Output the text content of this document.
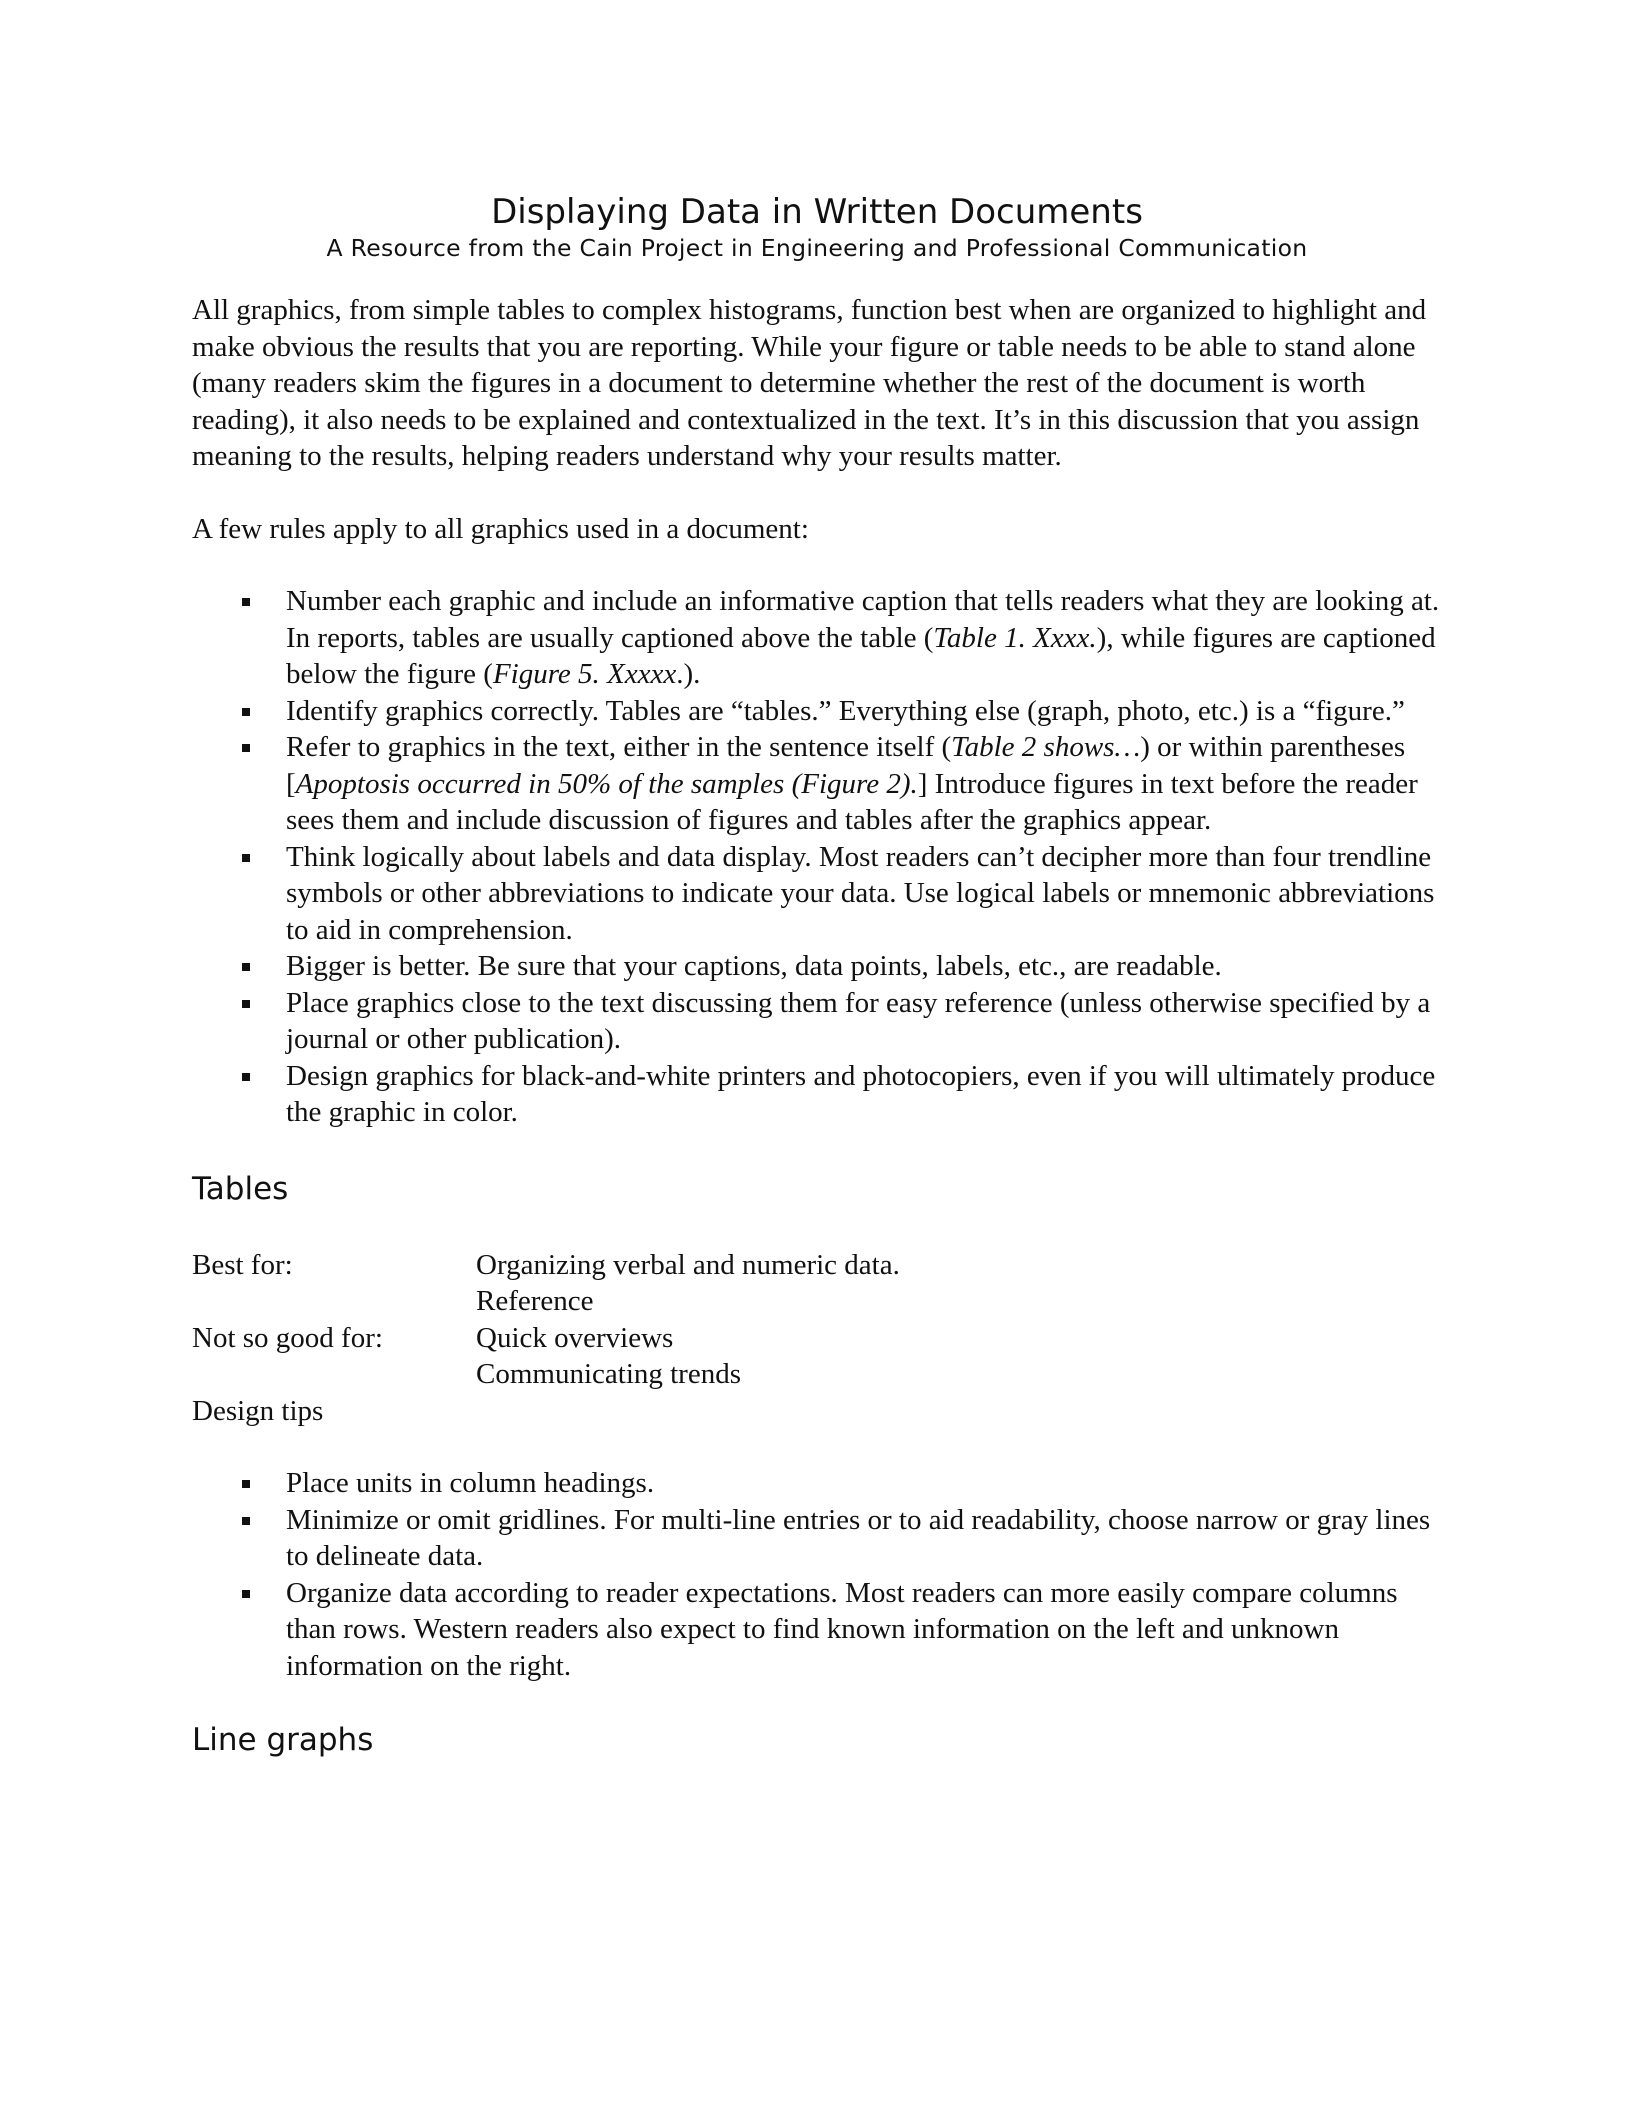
Displaying Data in Written Documents
A Resource from the Cain Project in Engineering and Professional Communication

All graphics, from simple tables to complex histograms, function best when are organized to highlight and make obvious the results that you are reporting. While your figure or table needs to be able to stand alone (many readers skim the figures in a document to determine whether the rest of the document is worth reading), it also needs to be explained and contextualized in the text. It’s in this discussion that you assign meaning to the results, helping readers understand why your results matter.

A few rules apply to all graphics used in a document:

Number each graphic and include an informative caption that tells readers what they are looking at. In reports, tables are usually captioned above the table (Table 1. Xxxx.), while figures are captioned below the figure (Figure 5. Xxxxx.).
Identify graphics correctly. Tables are “tables.” Everything else (graph, photo, etc.) is a “figure.”
Refer to graphics in the text, either in the sentence itself (Table 2 shows…) or within parentheses [Apoptosis occurred in 50% of the samples (Figure 2).] Introduce figures in text before the reader sees them and include discussion of figures and tables after the graphics appear.
Think logically about labels and data display. Most readers can’t decipher more than four trendline symbols or other abbreviations to indicate your data. Use logical labels or mnemonic abbreviations to aid in comprehension.
Bigger is better. Be sure that your captions, data points, labels, etc., are readable.
Place graphics close to the text discussing them for easy reference (unless otherwise specified by a journal or other publication).
Design graphics for black-and-white printers and photocopiers, even if you will ultimately produce the graphic in color.
Tables
Best for:	Organizing verbal and numeric data.
Reference
Not so good for:	Quick overviews
Communicating trends

Design tips

Place units in column headings.
Minimize or omit gridlines. For multi-line entries or to aid readability, choose narrow or gray lines to delineate data.
Organize data according to reader expectations. Most readers can more easily compare columns than rows. Western readers also expect to find known information on the left and unknown information on the right.
Line graphs
